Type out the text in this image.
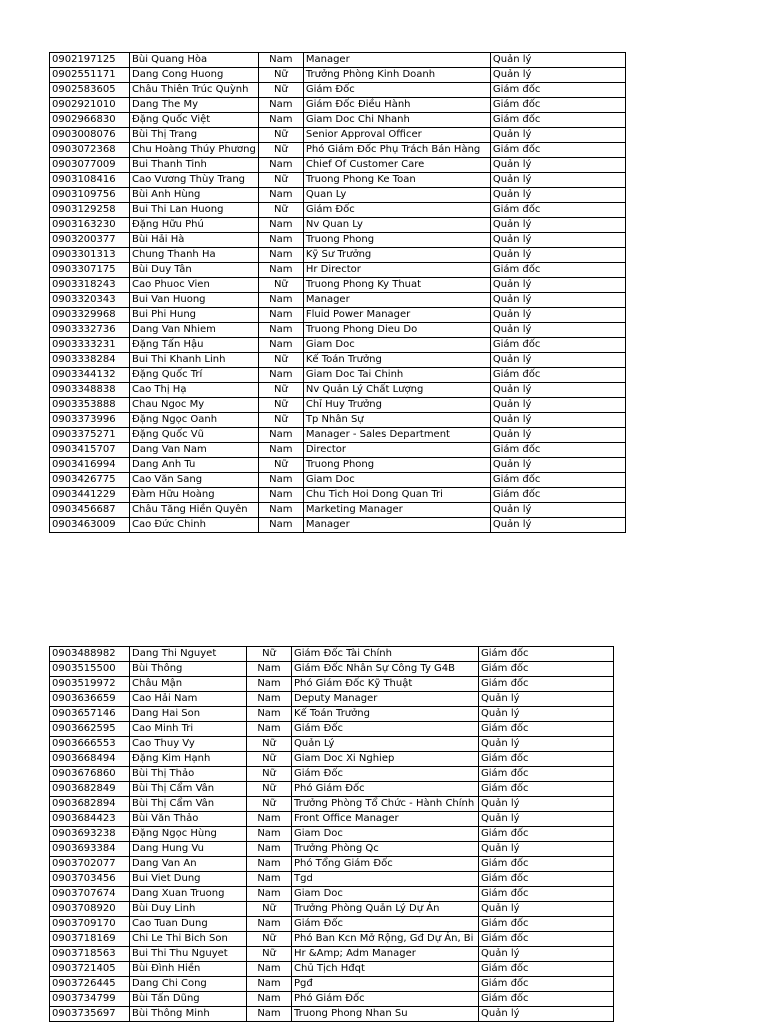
0902197125	Bùi Quang Hòa	Nam	Manager	Quản lý
0902551171	Dang Cong Huong	Nữ	Trưởng Phòng Kinh Doanh	Quản lý
0902583605	Châu Thiên Trúc Quỳnh	Nữ	Giám Đốc	Giám đốc
0902921010	Dang The My	Nam	Giám Đốc Điều Hành	Giám đốc
0902966830	Đặng Quốc Việt	Nam	Giam Doc Chi Nhanh	Giám đốc
0903008076	Bùi Thị Trang	Nữ	Senior Approval Officer	Quản lý
0903072368	Chu Hoàng Thúy Phương	Nữ	Phó Giám Đốc Phụ Trách Bán Hàng	Giám đốc
0903077009	Bui Thanh Tinh	Nam	Chief Of Customer Care	Quản lý
0903108416	Cao Vương Thùy Trang	Nữ	Truong Phong Ke Toan	Quản lý
0903109756	Bùi Anh Hùng	Nam	Quan Ly	Quản lý
0903129258	Bui Thi Lan Huong	Nữ	Giám Đốc	Giám đốc
0903163230	Đặng Hữu Phú	Nam	Nv Quan Ly	Quản lý
0903200377	Bùi Hải Hà	Nam	Truong Phong	Quản lý
0903301313	Chung Thanh Ha	Nam	Kỹ Sư Trưởng	Quản lý
0903307175	Bùi Duy Tân	Nam	Hr Director	Giám đốc
0903318243	Cao Phuoc Vien	Nữ	Truong Phong Ky Thuat	Quản lý
0903320343	Bui Van Huong	Nam	Manager	Quản lý
0903329968	Bui Phi Hung	Nam	Fluid Power Manager	Quản lý
0903332736	Dang Van Nhiem	Nam	Truong Phong Dieu Do	Quản lý
0903333231	Đặng Tấn Hậu	Nam	Giam Doc	Giám đốc
0903338284	Bui Thi Khanh Linh	Nữ	Kế Toán Trưởng	Quản lý
0903344132	Đặng Quốc Trí	Nam	Giam Doc Tai Chinh	Giám đốc
0903348838	Cao Thị Hạ	Nữ	Nv Quản Lý Chất Lượng	Quản lý
0903353888	Chau Ngoc My	Nữ	Chỉ Huy Trưởng	Quản lý
0903373996	Đặng Ngọc Oanh	Nữ	Tp Nhân Sự	Quản lý
0903375271	Đặng Quốc Vũ	Nam	Manager - Sales Department	Quản lý
0903415707	Dang Van Nam	Nam	Director	Giám đốc
0903416994	Dang Anh Tu	Nữ	Truong Phong	Quản lý
0903426775	Cao Văn Sang	Nam	Giam Doc	Giám đốc
0903441229	Đàm Hữu Hoàng	Nam	Chu Tich Hoi Dong Quan Tri	Giám đốc
0903456687	Châu Tăng Hiền Quyên	Nam	Marketing Manager	Quản lý
0903463009	Cao Đức Chinh	Nam	Manager	Quản lý
0903488982	Dang Thi Nguyet	Nữ	Giám Đốc Tài Chính	Giám đốc
0903515500	Bùi Thông	Nam	Giám Đốc Nhân Sự Công Ty G4B	Giám đốc
0903519972	Châu Mận	Nam	Phó Giám Đốc Kỹ Thuật	Giám đốc
0903636659	Cao Hải Nam	Nam	Deputy Manager	Quản lý
0903657146	Dang Hai Son	Nam	Kế Toán Trưởng	Quản lý
0903662595	Cao Minh Tri	Nam	Giám Đốc	Giám đốc
0903666553	Cao Thuy Vy	Nữ	Quản Lý	Quản lý
0903668494	Đặng Kim Hạnh	Nữ	Giam Doc Xi Nghiep	Giám đốc
0903676860	Bùi Thị Thảo	Nữ	Giám Đốc	Giám đốc
0903682849	Bùi Thị Cẩm Vân	Nữ	Phó Giám Đốc	Giám đốc
0903682894	Bùi Thị Cẩm Vân	Nữ	Trưởng Phòng Tổ Chức - Hành Chính	Quản lý
0903684423	Bùi Văn Thảo	Nam	Front Office Manager	Quản lý
0903693238	Đặng Ngọc Hùng	Nam	Giam Doc	Giám đốc
0903693384	Dang Hung Vu	Nam	Trưởng Phòng Qc	Quản lý
0903702077	Dang Van An	Nam	Phó Tổng Giám Đốc	Giám đốc
0903703456	Bui Viet Dung	Nam	Tgd	Giám đốc
0903707674	Dang Xuan Truong	Nam	Giam Doc	Giám đốc
0903708920	Bùi Duy Linh	Nữ	Trưởng Phòng Quản Lý Dự Án	Quản lý
0903709170	Cao Tuan Dung	Nam	Giám Đốc	Giám đốc
0903718169	Chi Le Thi Bich Son	Nữ	Phó Ban Kcn Mở Rộng, Gđ Dự Án, Bi	Giám đốc
0903718563	Bui Thi Thu Nguyet	Nữ	Hr &Amp; Adm Manager	Quản lý
0903721405	Bùi Đình Hiền	Nam	Chủ Tịch Hđqt	Giám đốc
0903726445	Dang Chi Cong	Nam	Pgđ	Giám đốc
0903734799	Bùi Tấn Dũng	Nam	Phó Giám Đốc	Giám đốc
0903735697	Bùi Thông Minh	Nam	Truong Phong Nhan Su	Quản lý
